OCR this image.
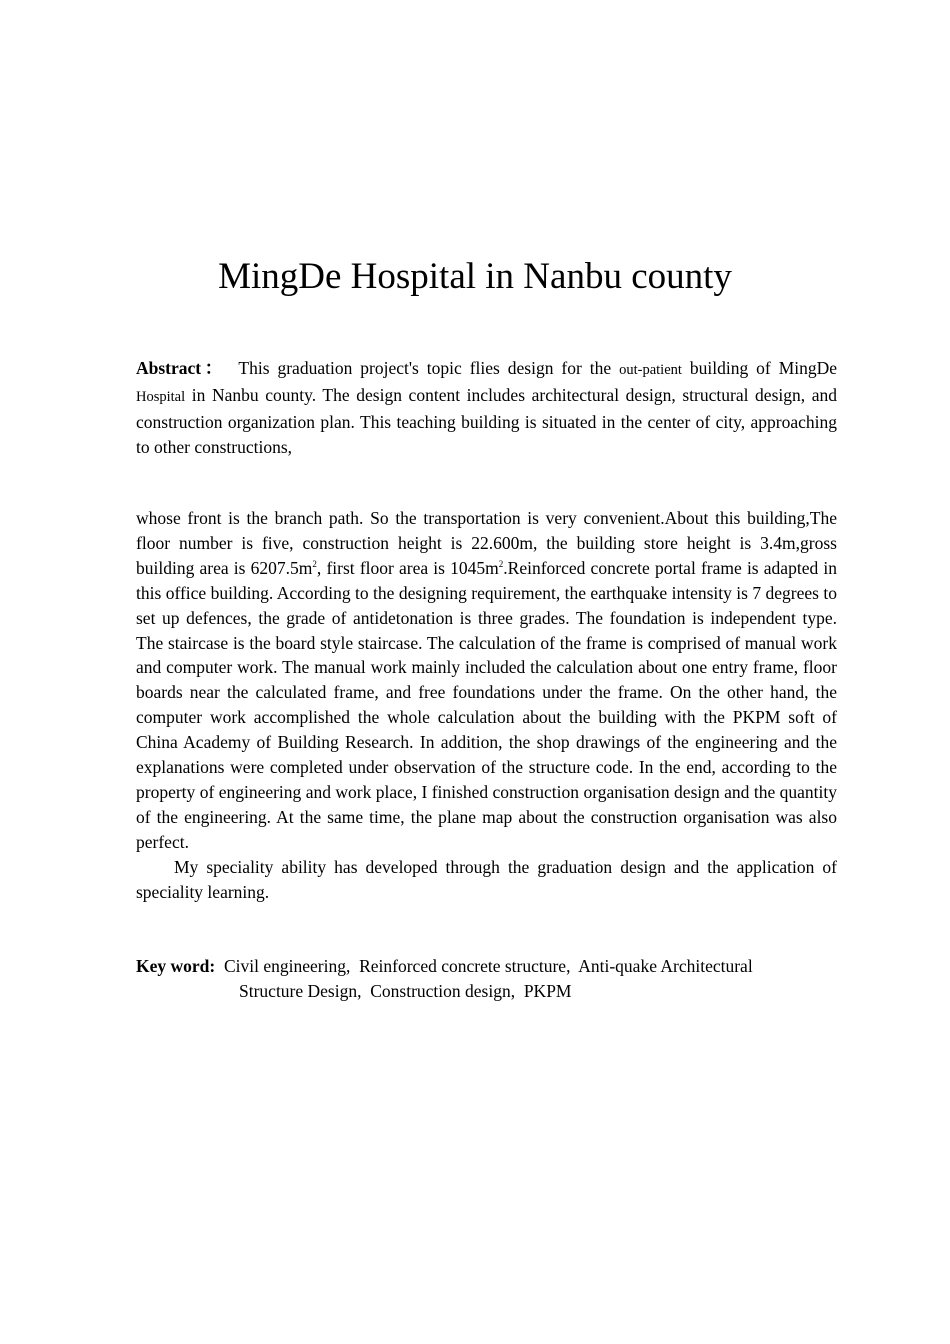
MingDe Hospital in Nanbu county

Abstract： This graduation project's topic flies design for the out-patient building of MingDe Hospital in Nanbu county. The design content includes architectural design, structural design, and construction organization plan. This teaching building is situated in the center of city, approaching to other constructions,

whose front is the branch path. So the transportation is very convenient.About this building,The floor number is five, construction height is 22.600m, the building store height is 3.4m,gross building area is $6207.5m^2$, first floor area is $1045m^2.Reinforced$ concrete portal frame is adapted in this office building. According to the designing requirement, the earthquake intensity is 7 degrees to set up defences, the grade of antidetonation is three grades. The foundation is independent type. The staircase is the board style staircase. The calculation of the frame is comprised of manual work and computer work. The manual work mainly included the calculation about one entry frame, floor boards near the calculated frame, and free foundations under the frame. On the other hand, the computer work accomplished the whole calculation about the building with the PKPM soft of China Academy of Building Research. In addition, the shop drawings of the engineering and the explanations were completed under observation of the structure code. In the end, according to the property of engineering and work place, I finished construction organisation design and the quantity of the engineering. At the same time, the plane map about the construction organisation was also perfect.

My speciality ability has developed through the graduation design and the application of speciality learning.

Key word: Civil engineering,  Reinforced concrete structure,  Anti-quake Architectural
Structure Design,  Construction design,  PKPM
